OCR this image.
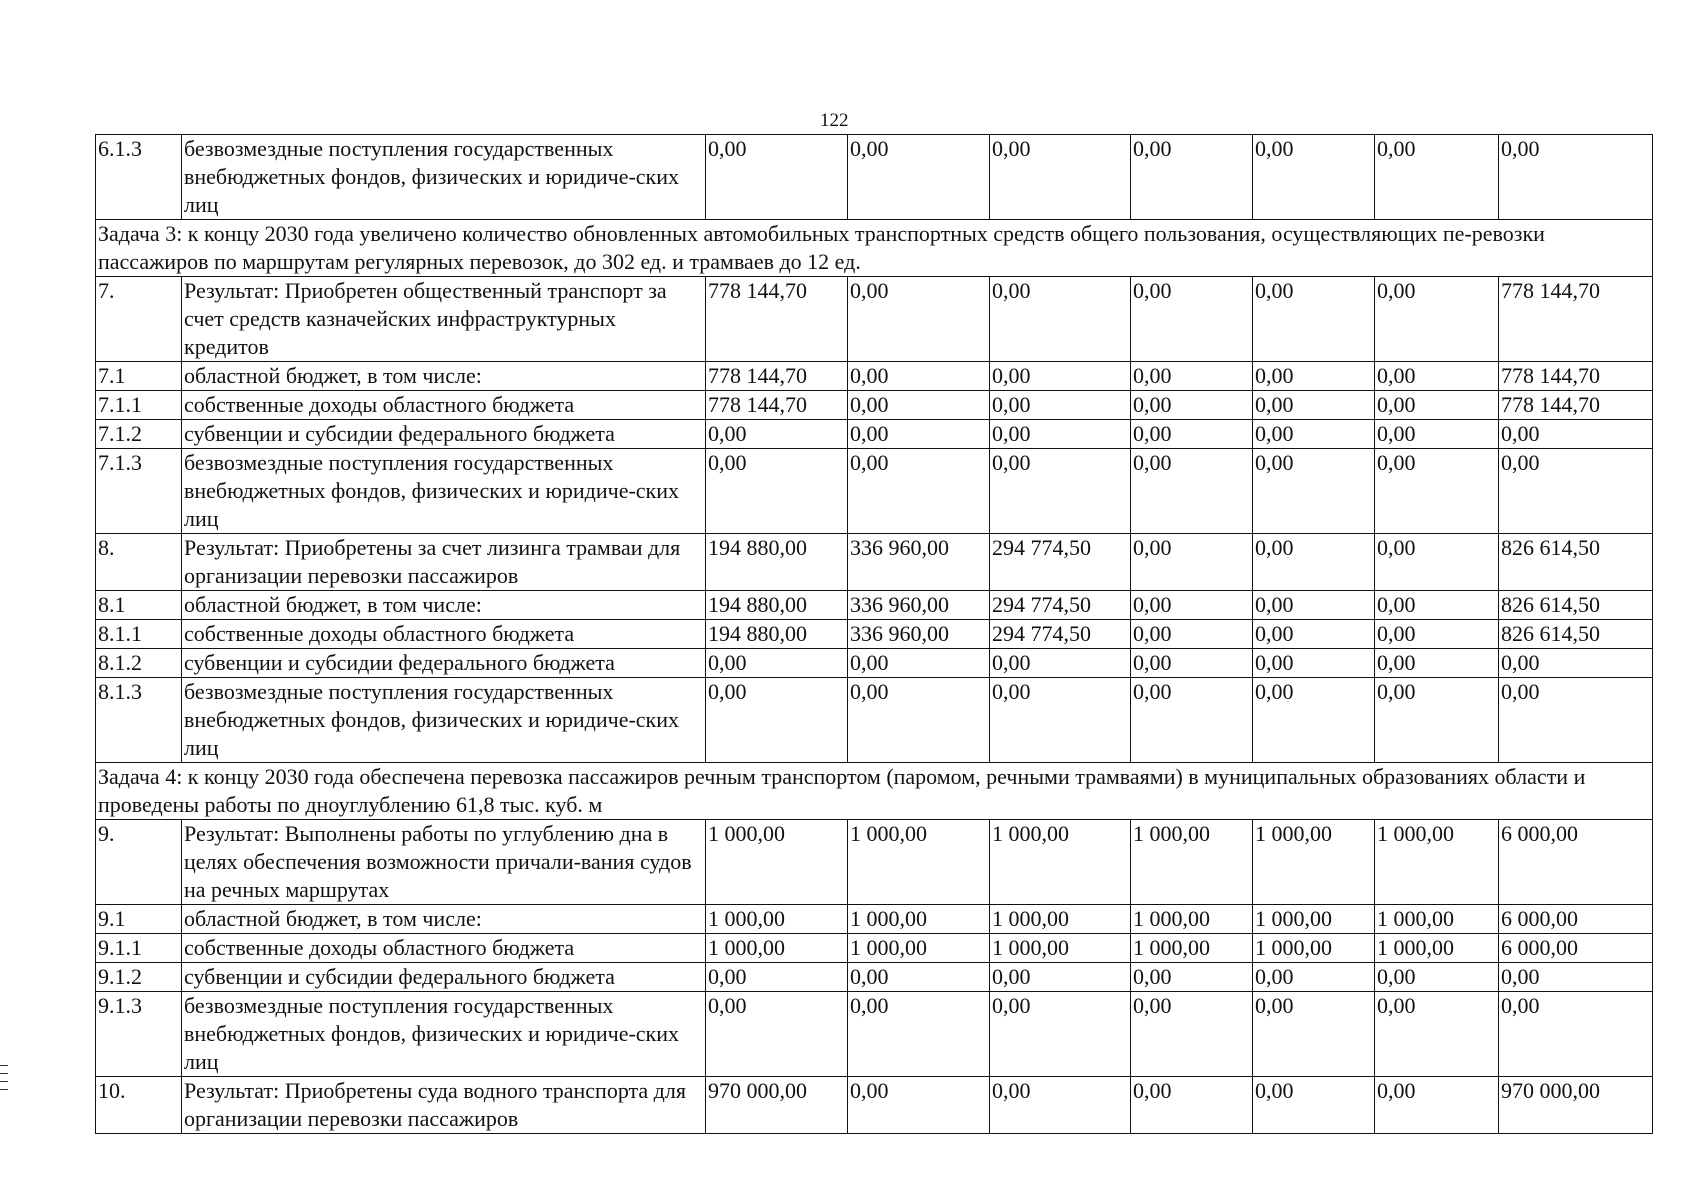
122
6.1.3	безвозмездные поступления государственных внебюджетных фондов, физических и юридиче-ских лиц	0,00	0,00	0,00	0,00	0,00	0,00	0,00
Задача 3: к концу 2030 года увеличено количество обновленных автомобильных транспортных средств общего пользования, осуществляющих пе-ревозки пассажиров по маршрутам регулярных перевозок, до 302 ед. и трамваев до 12 ед.								
7.	Результат: Приобретен общественный транспорт за счет средств казначейских инфраструктурных кредитов	778 144,70	0,00	0,00	0,00	0,00	0,00	778 144,70
7.1	областной бюджет, в том числе:	778 144,70	0,00	0,00	0,00	0,00	0,00	778 144,70
7.1.1	собственные доходы областного бюджета	778 144,70	0,00	0,00	0,00	0,00	0,00	778 144,70
7.1.2	субвенции и субсидии федерального бюджета	0,00	0,00	0,00	0,00	0,00	0,00	0,00
7.1.3	безвозмездные поступления государственных внебюджетных фондов, физических и юридиче-ских лиц	0,00	0,00	0,00	0,00	0,00	0,00	0,00
8.	Результат: Приобретены за счет лизинга трамваи для организации перевозки пассажиров	194 880,00	336 960,00	294 774,50	0,00	0,00	0,00	826 614,50
8.1	областной бюджет, в том числе:	194 880,00	336 960,00	294 774,50	0,00	0,00	0,00	826 614,50
8.1.1	собственные доходы областного бюджета	194 880,00	336 960,00	294 774,50	0,00	0,00	0,00	826 614,50
8.1.2	субвенции и субсидии федерального бюджета	0,00	0,00	0,00	0,00	0,00	0,00	0,00
8.1.3	безвозмездные поступления государственных внебюджетных фондов, физических и юридиче-ских лиц	0,00	0,00	0,00	0,00	0,00	0,00	0,00
Задача 4: к концу 2030 года обеспечена перевозка пассажиров речным транспортом (паромом, речными трамваями) в муниципальных образованиях области и проведены работы по дноуглублению 61,8 тыс. куб. м								
9.	Результат: Выполнены работы по углублению дна в целях обеспечения возможности причали-вания судов на речных маршрутах	1 000,00	1 000,00	1 000,00	1 000,00	1 000,00	1 000,00	6 000,00
9.1	областной бюджет, в том числе:	1 000,00	1 000,00	1 000,00	1 000,00	1 000,00	1 000,00	6 000,00
9.1.1	собственные доходы областного бюджета	1 000,00	1 000,00	1 000,00	1 000,00	1 000,00	1 000,00	6 000,00
9.1.2	субвенции и субсидии федерального бюджета	0,00	0,00	0,00	0,00	0,00	0,00	0,00
9.1.3	безвозмездные поступления государственных внебюджетных фондов, физических и юридиче-ских лиц	0,00	0,00	0,00	0,00	0,00	0,00	0,00
10.	Результат: Приобретены суда водного транспорта для организации перевозки пассажиров	970 000,00	0,00	0,00	0,00	0,00	0,00	970 000,00
